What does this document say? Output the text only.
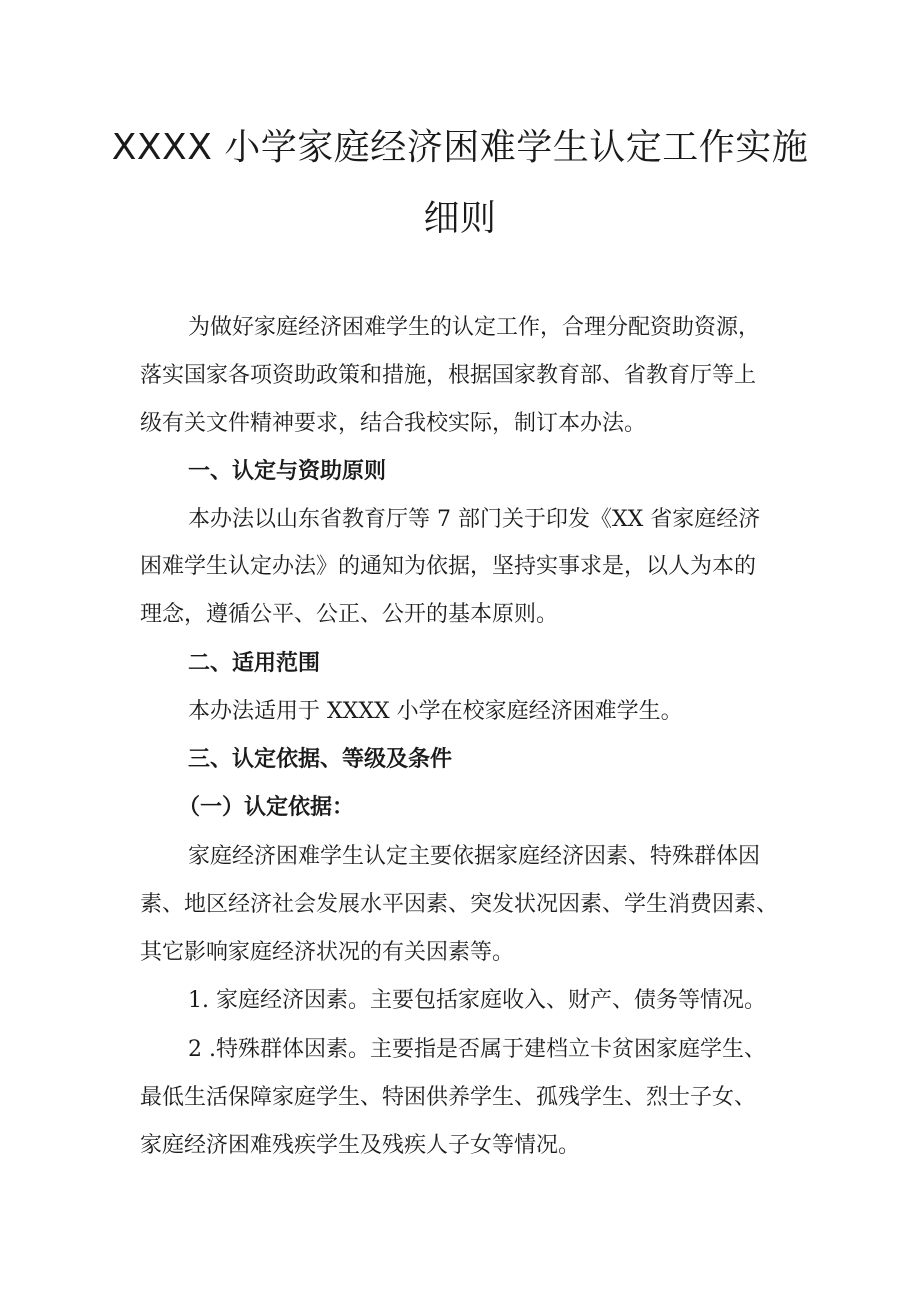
XXXX 小学家庭经济困难学生认定工作实施
细则
为做好家庭经济困难学生的认定工作，合理分配资助资源，
落实国家各项资助政策和措施，根据国家教育部、省教育厅等上
级有关文件精神要求，结合我校实际，制订本办法。
一、认定与资助原则
本办法以山东省教育厅等 7 部门关于印发《XX 省家庭经济
困难学生认定办法》的通知为依据，坚持实事求是，以人为本的
理念，遵循公平、公正、公开的基本原则。
二、适用范围
本办法适用于 XXXX 小学在校家庭经济困难学生。
三、认定依据、等级及条件
（一）认定依据：
家庭经济困难学生认定主要依据家庭经济因素、特殊群体因
素、地区经济社会发展水平因素、突发状况因素、学生消费因素、
其它影响家庭经济状况的有关因素等。
1. 家庭经济因素。主要包括家庭收入、财产、债务等情况。
2 .特殊群体因素。主要指是否属于建档立卡贫困家庭学生、
最低生活保障家庭学生、特困供养学生、孤残学生、烈士子女、
家庭经济困难残疾学生及残疾人子女等情况。
